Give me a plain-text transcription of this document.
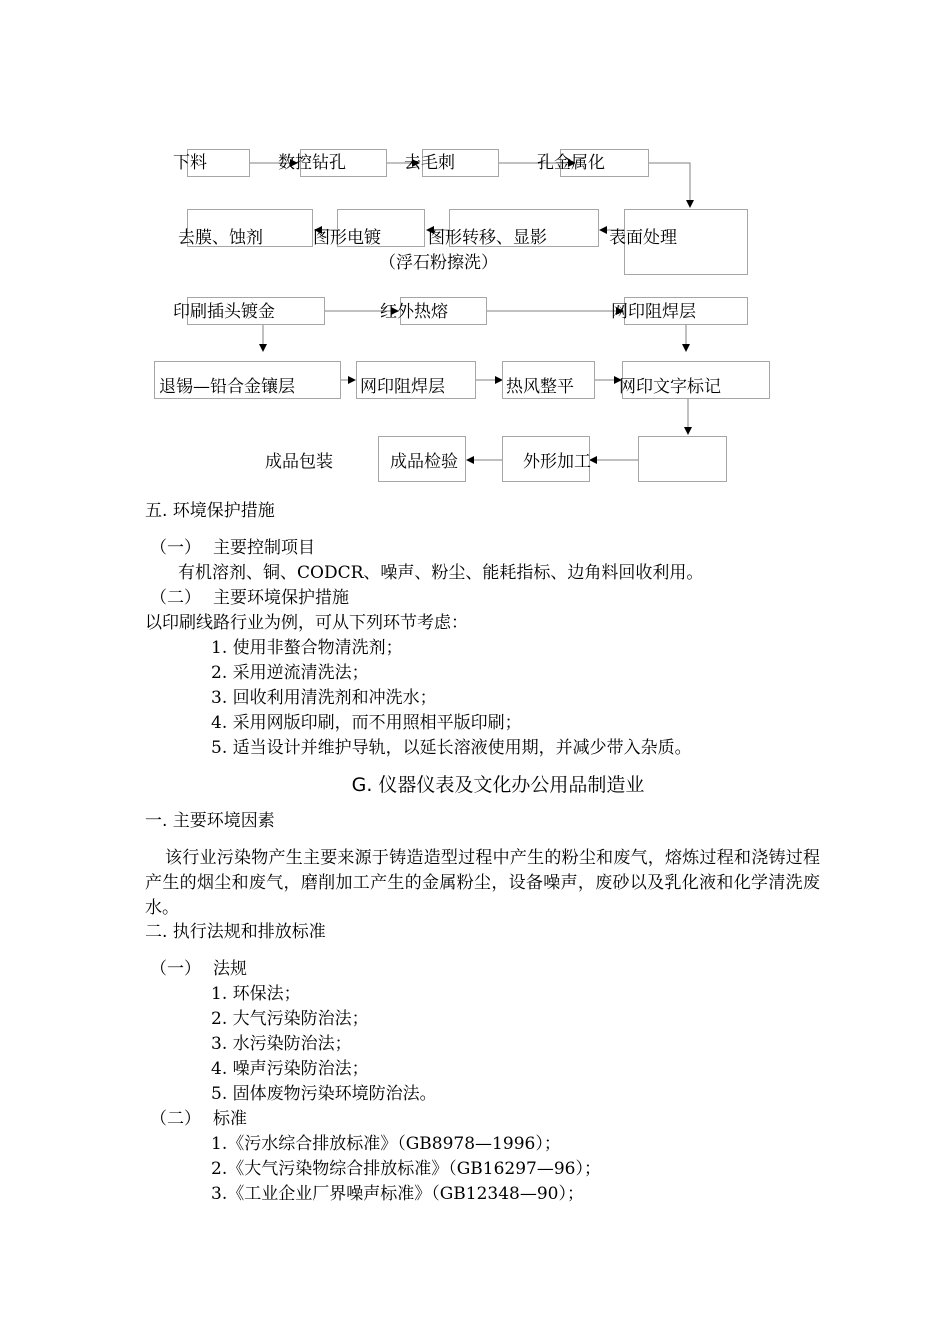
下料	数控钻孔	去毛刺	孔金属化
去膜、蚀剂	图形电镀	图形转移、显影	表面处理
（浮石粉擦洗）
印刷插头镀金	红外热熔	网印阻焊层
退锡—铅合金镶层	网印阻焊层	热风整平	网印文字标记
成品包装	成品检验	外形加工
五. 环境保护措施
（一） 主要控制项目
有机溶剂、铜、CODCR、噪声、粉尘、能耗指标、边角料回收利用。
（二） 主要环境保护措施
以印刷线路行业为例，可从下列环节考虑：
1. 使用非螯合物清洗剂；
2. 采用逆流清洗法；
3. 回收利用清洗剂和冲洗水；
4. 采用网版印刷，而不用照相平版印刷；
5. 适当设计并维护导轨，以延长溶液使用期，并减少带入杂质。
G. 仪器仪表及文化办公用品制造业
一. 主要环境因素
该行业污染物产生主要来源于铸造造型过程中产生的粉尘和废气，熔炼过程和浇铸过程产生的烟尘和废气，磨削加工产生的金属粉尘，设备噪声，废砂以及乳化液和化学清洗废水。
二. 执行法规和排放标准
（一） 法规
1. 环保法；
2. 大气污染防治法；
3. 水污染防治法；
4. 噪声污染防治法；
5. 固体废物污染环境防治法。
（二） 标准
1.《污水综合排放标准》（GB8978—1996）；
2.《大气污染物综合排放标准》（GB16297—96）；
3.《工业企业厂界噪声标准》（GB12348—90）；
